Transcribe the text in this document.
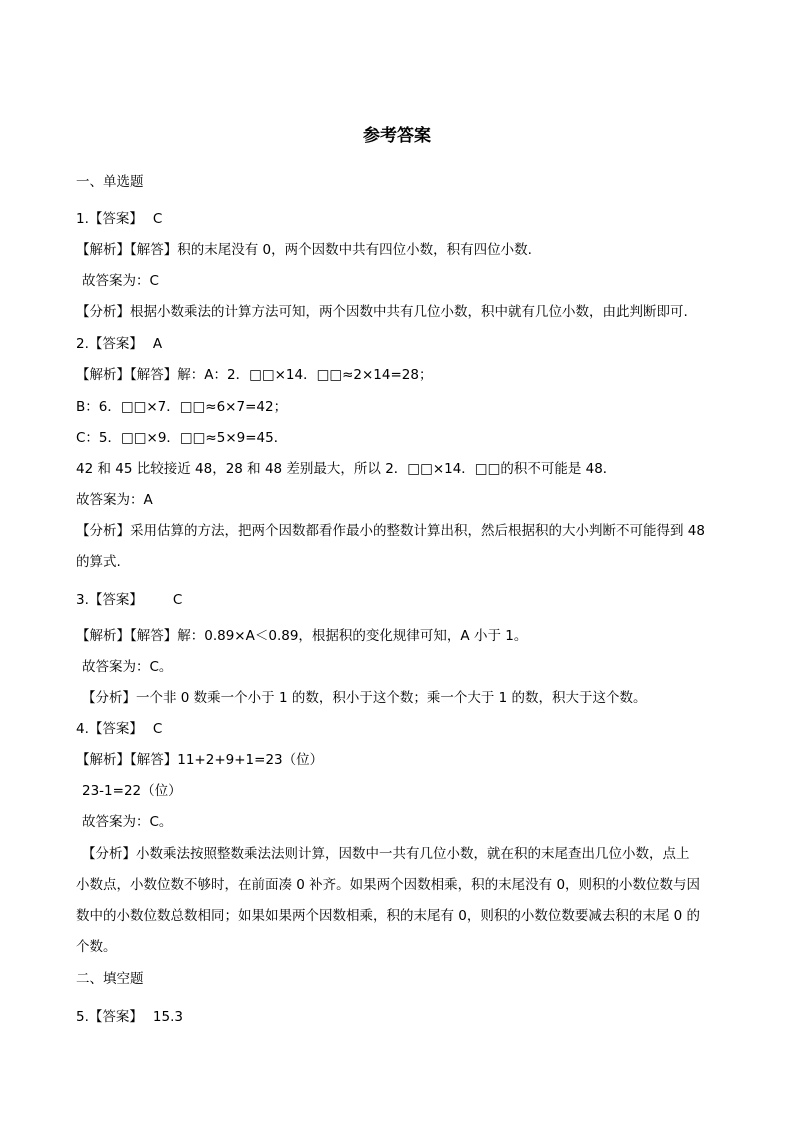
参考答案
一、单选题
1.【答案】 C
【解析】【解答】积的末尾没有 0，两个因数中共有四位小数，积有四位小数.
故答案为：C
【分析】根据小数乘法的计算方法可知，两个因数中共有几位小数，积中就有几位小数，由此判断即可.
2.【答案】 A
【解析】【解答】解：A：2．□□×14．□□≈2×14=28；
B：6．□□×7．□□≈6×7=42；
C：5．□□×9．□□≈5×9=45．
42 和 45 比较接近 48，28 和 48 差别最大，所以 2．□□×14．□□的积不可能是 48．
故答案为：A
【分析】采用估算的方法，把两个因数都看作最小的整数计算出积，然后根据积的大小判断不可能得到 48
的算式.
3.【答案】 C
【解析】【解答】解：0.89×A＜0.89，根据积的变化规律可知，A 小于 1。
故答案为：C。
【分析】一个非 0 数乘一个小于 1 的数，积小于这个数；乘一个大于 1 的数，积大于这个数。
4.【答案】 C
【解析】【解答】11+2+9+1=23（位）
23-1=22（位）
故答案为：C。
【分析】小数乘法按照整数乘法法则计算，因数中一共有几位小数，就在积的末尾查出几位小数，点上
小数点，小数位数不够时，在前面凑 0 补齐。如果两个因数相乘，积的末尾没有 0，则积的小数位数与因
数中的小数位数总数相同；如果如果两个因数相乘，积的末尾有 0，则积的小数位数要减去积的末尾 0 的
个数。
二、填空题
5.【答案】 15.3
